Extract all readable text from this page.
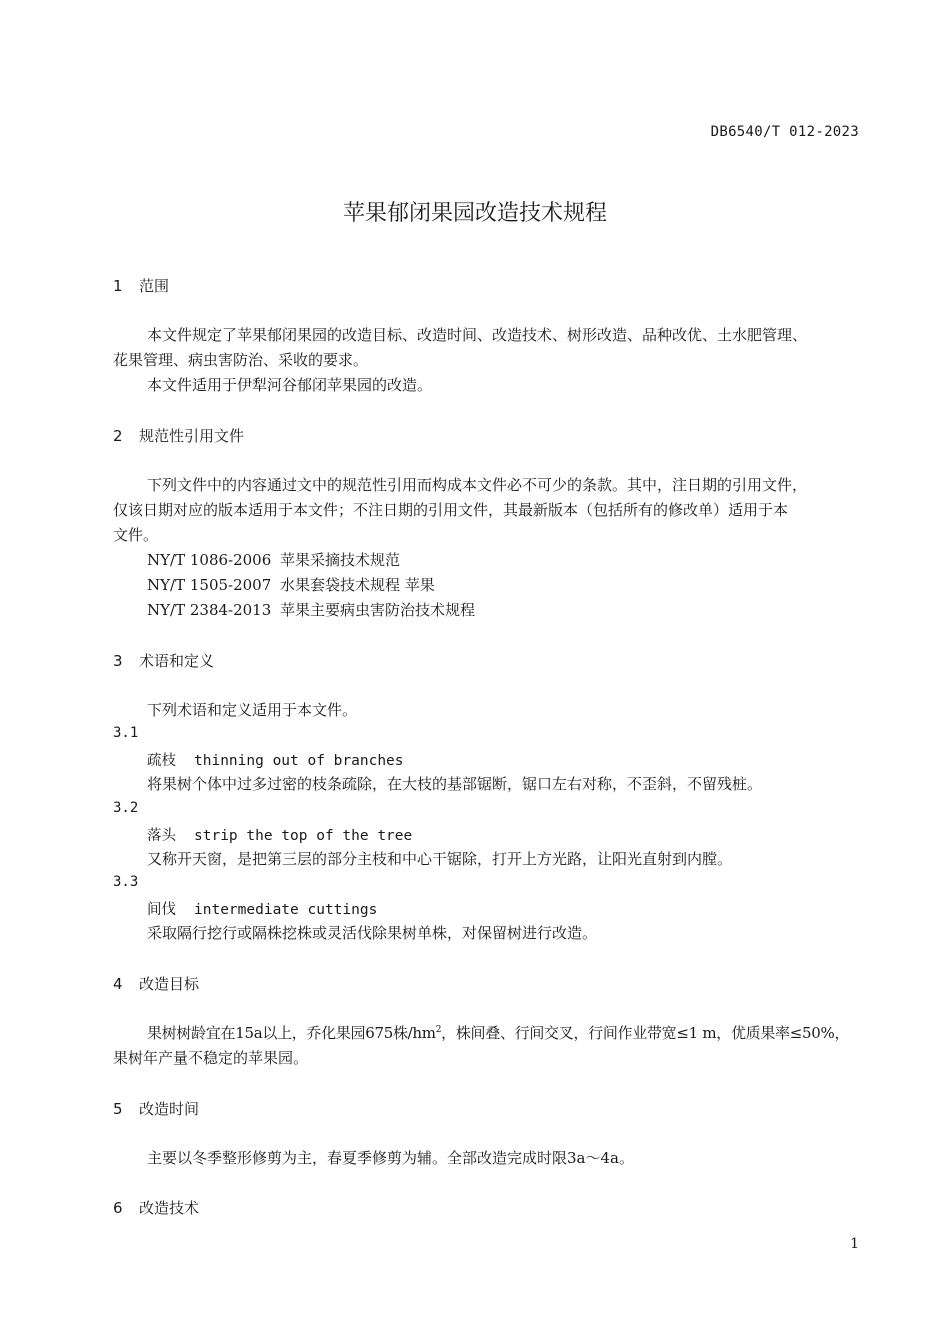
DB6540/T 012-2023
苹果郁闭果园改造技术规程
1 范围
本文件规定了苹果郁闭果园的改造目标、改造时间、改造技术、树形改造、品种改优、土水肥管理、
花果管理、病虫害防治、采收的要求。
本文件适用于伊犁河谷郁闭苹果园的改造。
2 规范性引用文件
下列文件中的内容通过文中的规范性引用而构成本文件必不可少的条款。其中，注日期的引用文件，
仅该日期对应的版本适用于本文件；不注日期的引用文件，其最新版本（包括所有的修改单）适用于本
文件。
NY/T 1086-2006 苹果采摘技术规范
NY/T 1505-2007 水果套袋技术规程 苹果
NY/T 2384-2013 苹果主要病虫害防治技术规程
3 术语和定义
下列术语和定义适用于本文件。
3.1
疏枝 thinning out of branches
将果树个体中过多过密的枝条疏除，在大枝的基部锯断，锯口左右对称，不歪斜，不留残桩。
3.2
落头 strip the top of the tree
又称开天窗，是把第三层的部分主枝和中心干锯除，打开上方光路，让阳光直射到内膛。
3.3
间伐 intermediate cuttings
采取隔行挖行或隔株挖株或灵活伐除果树单株，对保留树进行改造。
4 改造目标
果树树龄宜在15a以上，乔化果园675株$/hm^2$，株间叠、行间交叉，行间作业带宽≤1 m，优质果率≤50%，
果树年产量不稳定的苹果园。
5 改造时间
主要以冬季整形修剪为主，春夏季修剪为辅。全部改造完成时限3a～4a。
6 改造技术
1
